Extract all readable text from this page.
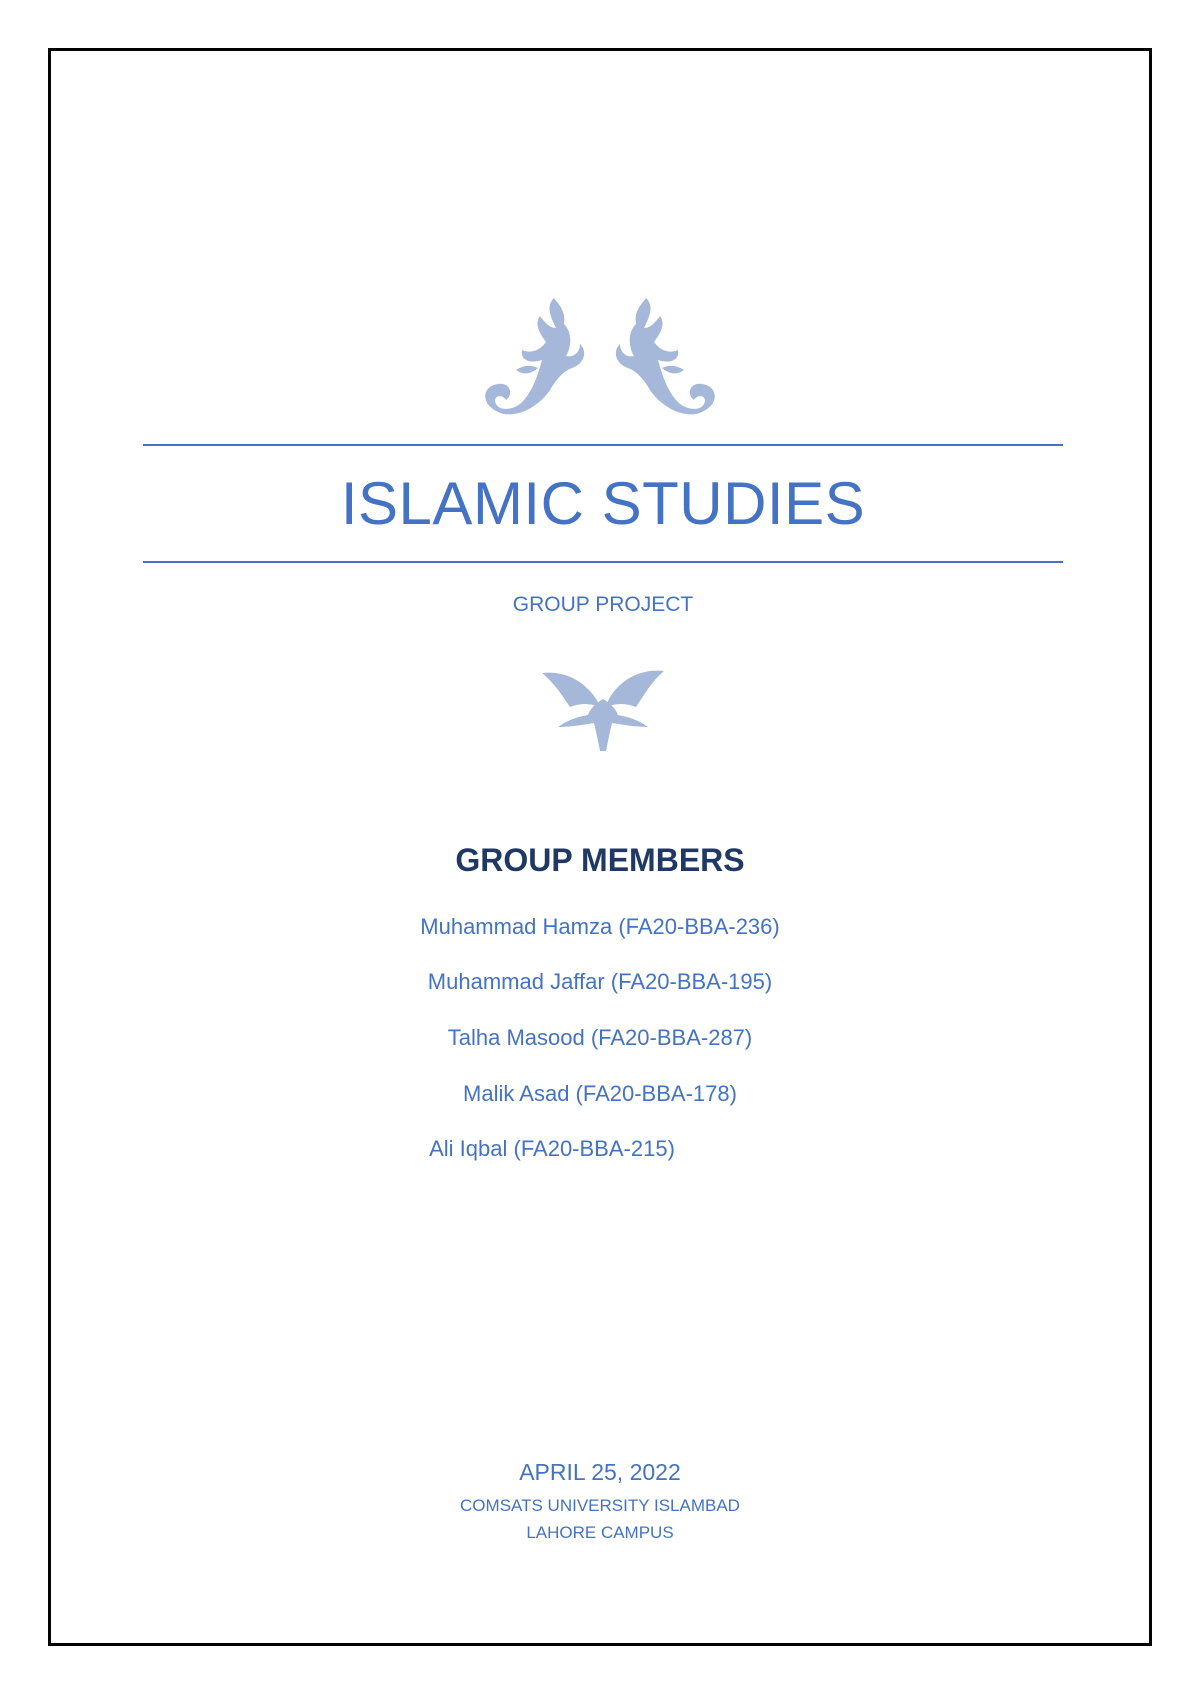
ISLAMIC STUDIES
GROUP PROJECT
GROUP MEMBERS
Muhammad Hamza (FA20-BBA-236)
Muhammad Jaffar (FA20-BBA-195)
Talha Masood (FA20-BBA-287)
Malik Asad (FA20-BBA-178)
Ali Iqbal (FA20-BBA-215)
APRIL 25, 2022
COMSATS UNIVERSITY ISLAMBAD
LAHORE CAMPUS
